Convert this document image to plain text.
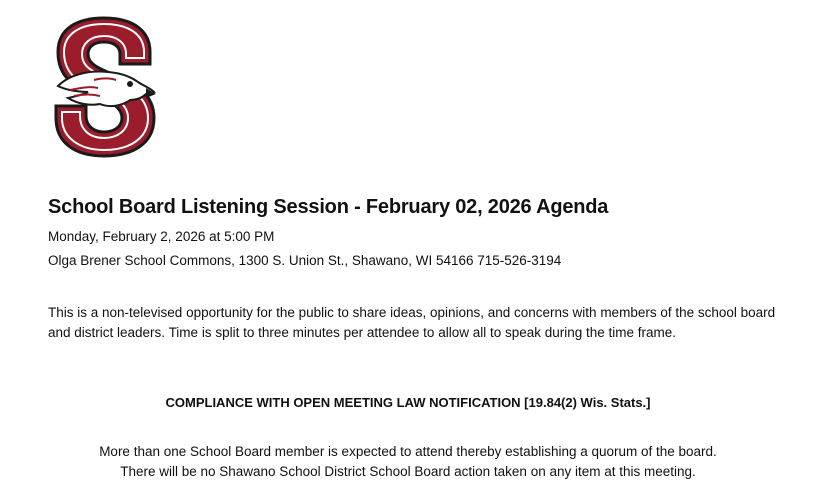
School Board Listening Session - February 02, 2026 Agenda
Monday, February 2, 2026 at 5:00 PM
Olga Brener School Commons, 1300 S. Union St., Shawano, WI 54166 715-526-3194

This is a non-televised opportunity for the public to share ideas, opinions, and concerns with members of the school board and district leaders. Time is split to three minutes per attendee to allow all to speak during the time frame.

COMPLIANCE WITH OPEN MEETING LAW NOTIFICATION [19.84(2) Wis. Stats.]
More than one School Board member is expected to attend thereby establishing a quorum of the board.
There will be no Shawano School District School Board action taken on any item at this meeting.
